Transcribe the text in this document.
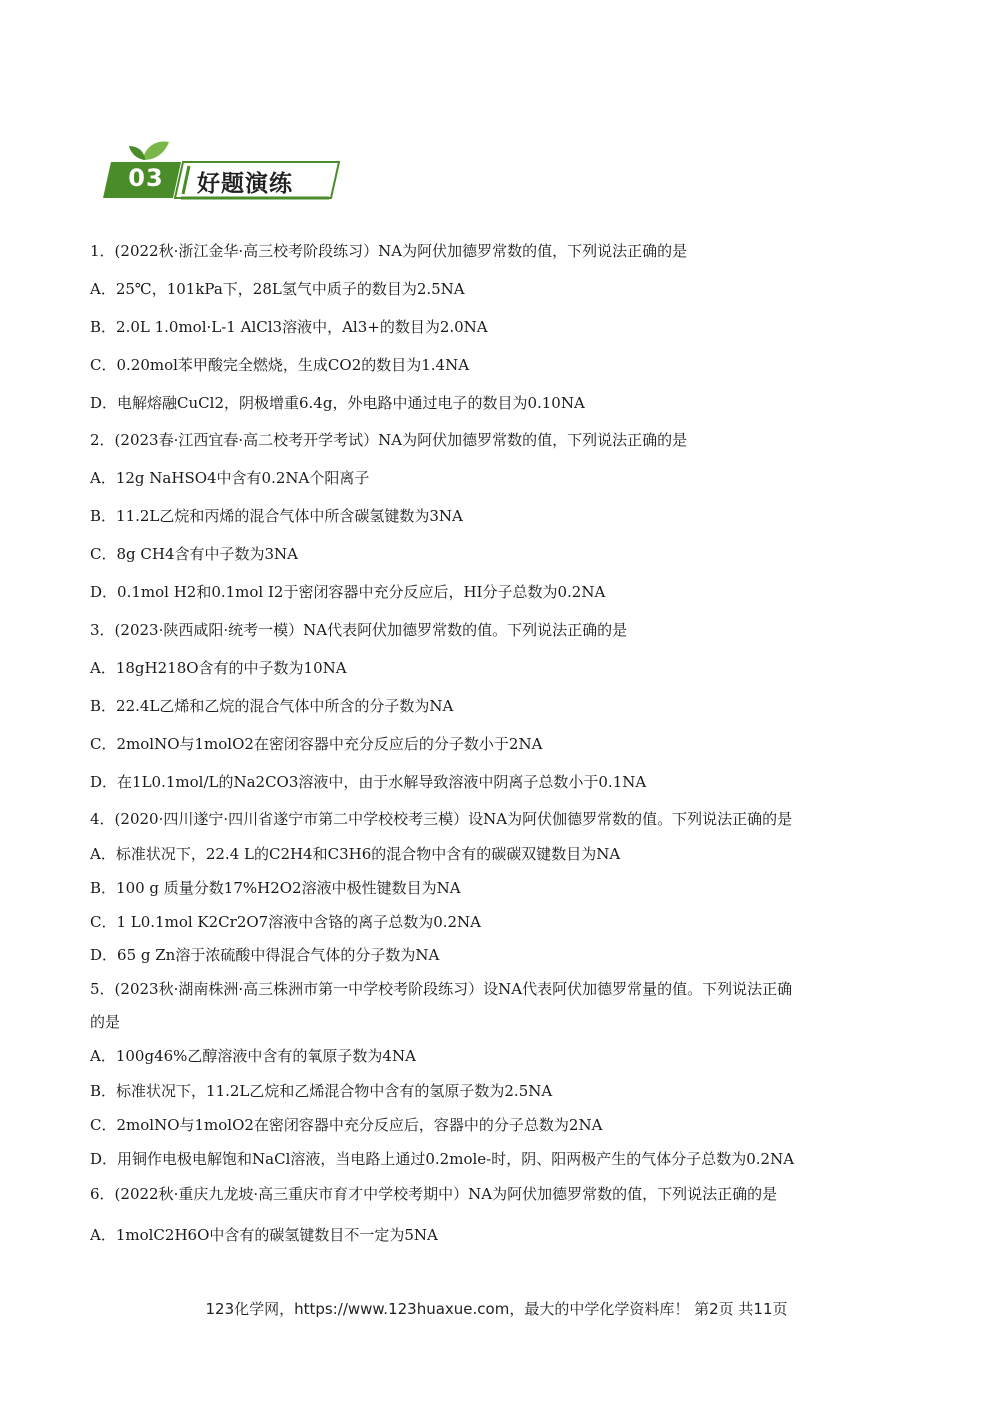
03	好题演练
1．(2022秋·浙江金华·高三校考阶段练习）NA为阿伏加德罗常数的值，下列说法正确的是
A．25℃，101kPa下，28L氢气中质子的数目为2.5NA
B．2.0L 1.0mol·L-1 AlCl3溶液中，Al3+的数目为2.0NA
C．0.20mol苯甲酸完全燃烧，生成CO2的数目为1.4NA
D．电解熔融CuCl2，阴极增重6.4g，外电路中通过电子的数目为0.10NA
2．(2023春·江西宜春·高二校考开学考试）NA为阿伏加德罗常数的值，下列说法正确的是
A．12g NaHSO4中含有0.2NA个阳离子
B．11.2L乙烷和丙烯的混合气体中所含碳氢键数为3NA
C．8g CH4含有中子数为3NA
D．0.1mol H2和0.1mol I2于密闭容器中充分反应后，HI分子总数为0.2NA
3．(2023·陕西咸阳·统考一模）NA代表阿伏加德罗常数的值。下列说法正确的是
A．18gH218O含有的中子数为10NA
B．22.4L乙烯和乙烷的混合气体中所含的分子数为NA
C．2molNO与1molO2在密闭容器中充分反应后的分子数小于2NA
D．在1L0.1mol/L的Na2CO3溶液中，由于水解导致溶液中阴离子总数小于0.1NA
4．(2020·四川遂宁·四川省遂宁市第二中学校校考三模）设NA为阿伏伽德罗常数的值。下列说法正确的是
A．标准状况下，22.4 L的C2H4和C3H6的混合物中含有的碳碳双键数目为NA
B．100 g 质量分数17%H2O2溶液中极性键数目为NA
C．1 L0.1mol K2Cr2O7溶液中含铬的离子总数为0.2NA
D．65 g Zn溶于浓硫酸中得混合气体的分子数为NA
5．(2023秋·湖南株洲·高三株洲市第一中学校考阶段练习）设NA代表阿伏加德罗常量的值。下列说法正确
的是
A．100g46%乙醇溶液中含有的氧原子数为4NA
B．标准状况下，11.2L乙烷和乙烯混合物中含有的氢原子数为2.5NA
C．2molNO与1molO2在密闭容器中充分反应后，容器中的分子总数为2NA
D．用铜作电极电解饱和NaCl溶液，当电路上通过0.2mole-时，阴、阳两极产生的气体分子总数为0.2NA
6．(2022秋·重庆九龙坡·高三重庆市育才中学校考期中）NA为阿伏加德罗常数的值，下列说法正确的是
A．1molC2H6O中含有的碳氢键数目不一定为5NA
123化学网，https://www.123huaxue.com，最大的中学化学资料库！ 第2页 共11页
